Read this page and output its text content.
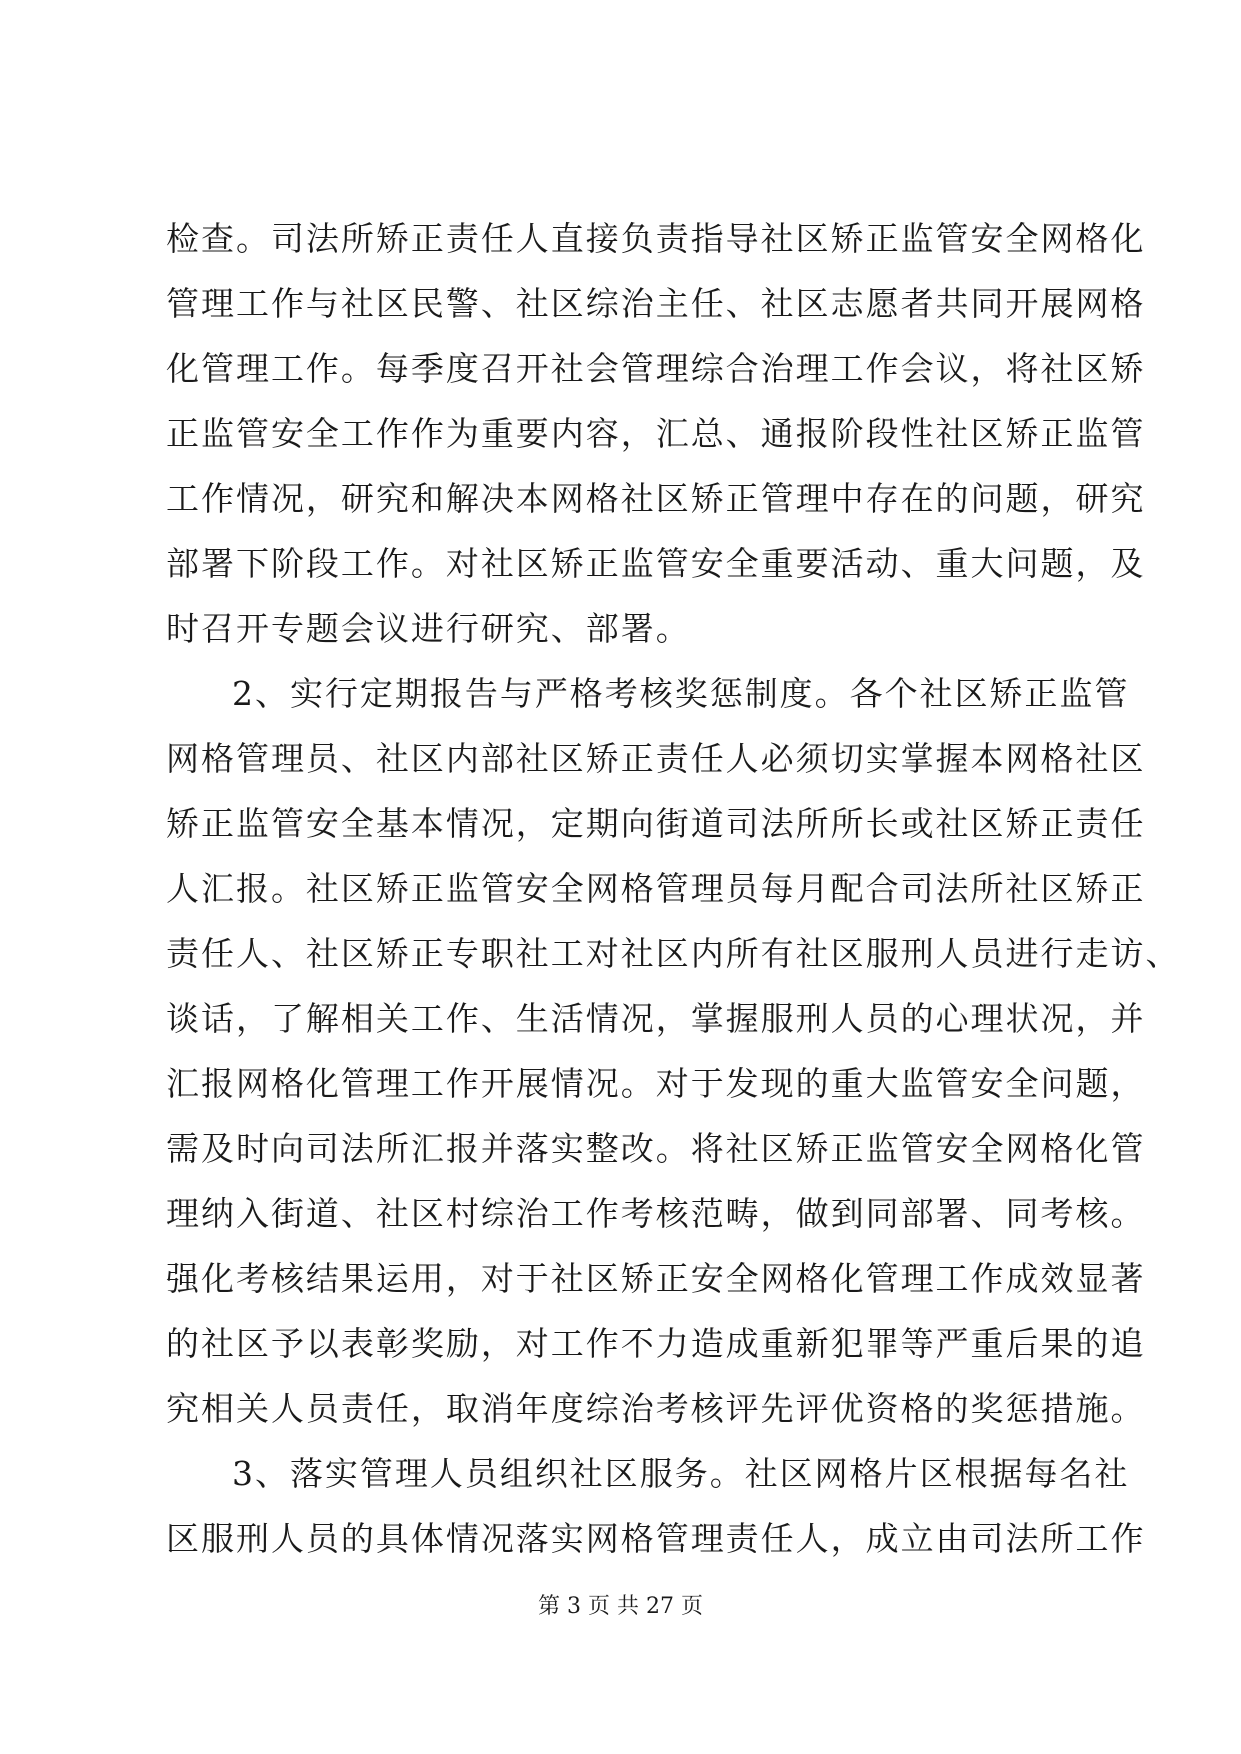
检查。司法所矫正责任人直接负责指导社区矫正监管安全网格化
管理工作与社区民警、社区综治主任、社区志愿者共同开展网格
化管理工作。每季度召开社会管理综合治理工作会议，将社区矫
正监管安全工作作为重要内容，汇总、通报阶段性社区矫正监管
工作情况，研究和解决本网格社区矫正管理中存在的问题，研究
部署下阶段工作。对社区矫正监管安全重要活动、重大问题，及
时召开专题会议进行研究、部署。
2、实行定期报告与严格考核奖惩制度。各个社区矫正监管
网格管理员、社区内部社区矫正责任人必须切实掌握本网格社区
矫正监管安全基本情况，定期向街道司法所所长或社区矫正责任
人汇报。社区矫正监管安全网格管理员每月配合司法所社区矫正
责任人、社区矫正专职社工对社区内所有社区服刑人员进行走访、
谈话，了解相关工作、生活情况，掌握服刑人员的心理状况，并
汇报网格化管理工作开展情况。对于发现的重大监管安全问题，
需及时向司法所汇报并落实整改。将社区矫正监管安全网格化管
理纳入街道、社区村综治工作考核范畴，做到同部署、同考核。
强化考核结果运用，对于社区矫正安全网格化管理工作成效显著
的社区予以表彰奖励，对工作不力造成重新犯罪等严重后果的追
究相关人员责任，取消年度综治考核评先评优资格的奖惩措施。
3、落实管理人员组织社区服务。社区网格片区根据每名社
区服刑人员的具体情况落实网格管理责任人，成立由司法所工作
第 3 页 共 27 页
